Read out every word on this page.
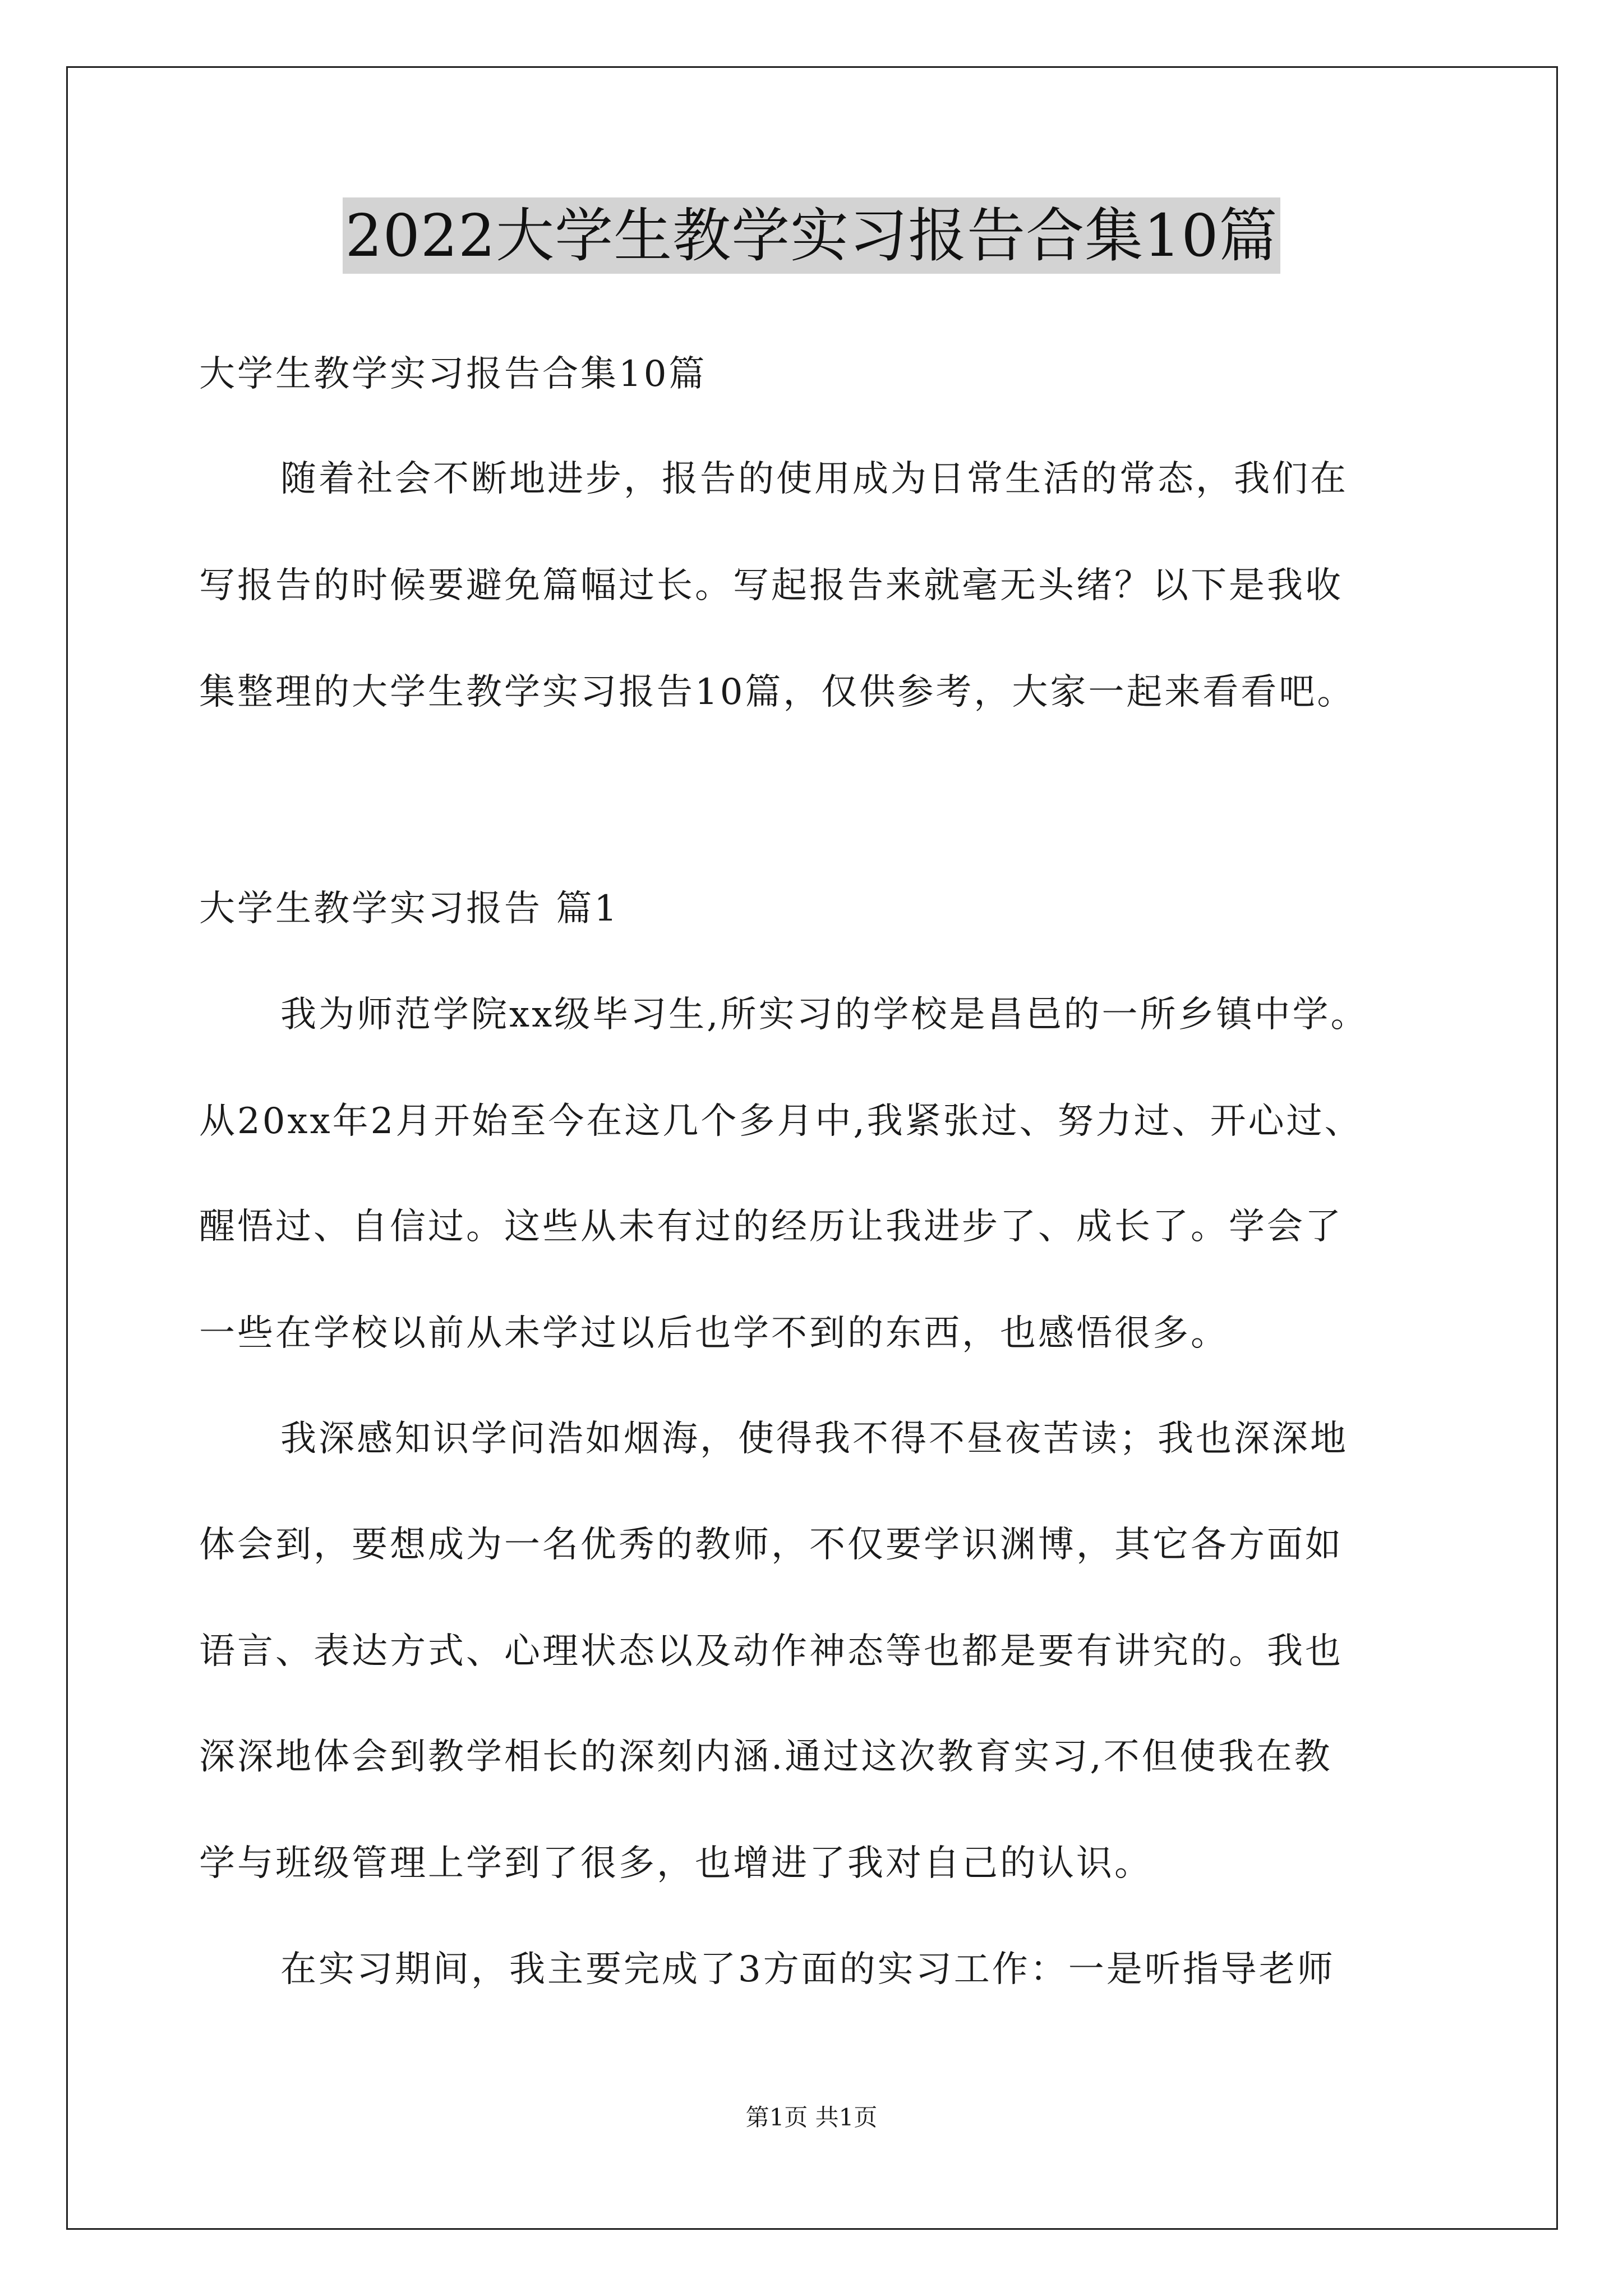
2022大学生教学实习报告合集10篇
大学生教学实习报告合集10篇
随着社会不断地进步，报告的使用成为日常生活的常态，我们在
写报告的时候要避免篇幅过长。写起报告来就毫无头绪？以下是我收
集整理的大学生教学实习报告10篇，仅供参考，大家一起来看看吧。
大学生教学实习报告 篇1
我为师范学院xx级毕习生,所实习的学校是昌邑的一所乡镇中学。
从20xx年2月开始至今在这几个多月中,我紧张过、努力过、开心过、
醒悟过、自信过。这些从未有过的经历让我进步了、成长了。学会了
一些在学校以前从未学过以后也学不到的东西，也感悟很多。
我深感知识学问浩如烟海，使得我不得不昼夜苦读；我也深深地
体会到，要想成为一名优秀的教师，不仅要学识渊博，其它各方面如
语言、表达方式、心理状态以及动作神态等也都是要有讲究的。我也
深深地体会到教学相长的深刻内涵.通过这次教育实习,不但使我在教
学与班级管理上学到了很多，也增进了我对自己的认识。
在实习期间，我主要完成了3方面的实习工作：一是听指导老师
第1页 共1页
